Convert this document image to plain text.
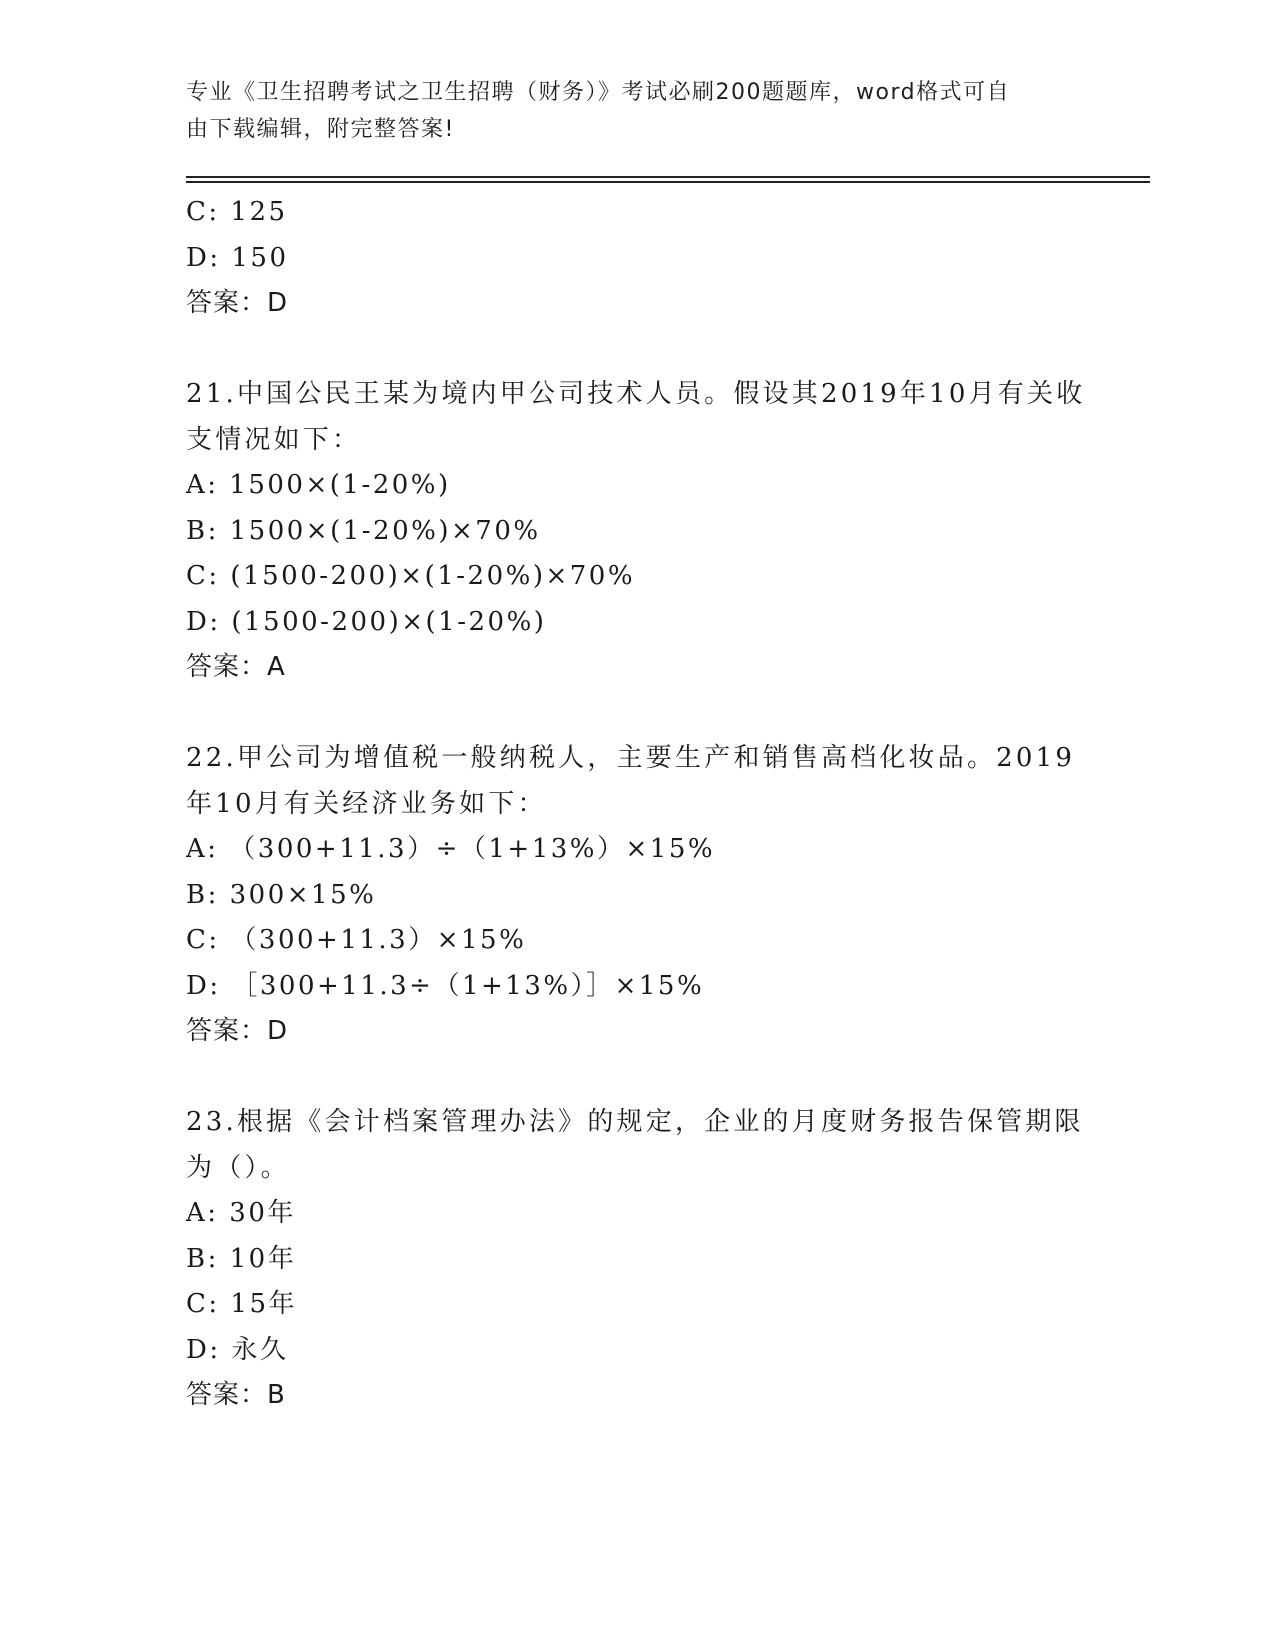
专业《卫生招聘考试之卫生招聘（财务）》考试必刷200题题库，word格式可自
由下载编辑，附完整答案!
C: 125
D: 150
答案：D
21.中国公民王某为境内甲公司技术人员。假设其2019年10月有关收
支情况如下：
A: 1500×(1-20%)
B: 1500×(1-20%)×70%
C: (1500-200)×(1-20%)×70%
D: (1500-200)×(1-20%)
答案：A
22.甲公司为增值税一般纳税人，主要生产和销售高档化妆品。2019
年10月有关经济业务如下：
A: （300+11.3）÷（1+13%）×15%
B: 300×15%
C: （300+11.3）×15%
D: ［300+11.3÷（1+13%）］×15%
答案：D
23.根据《会计档案管理办法》的规定，企业的月度财务报告保管期限
为（）。
A: 30年
B: 10年
C: 15年
D: 永久
答案：B
